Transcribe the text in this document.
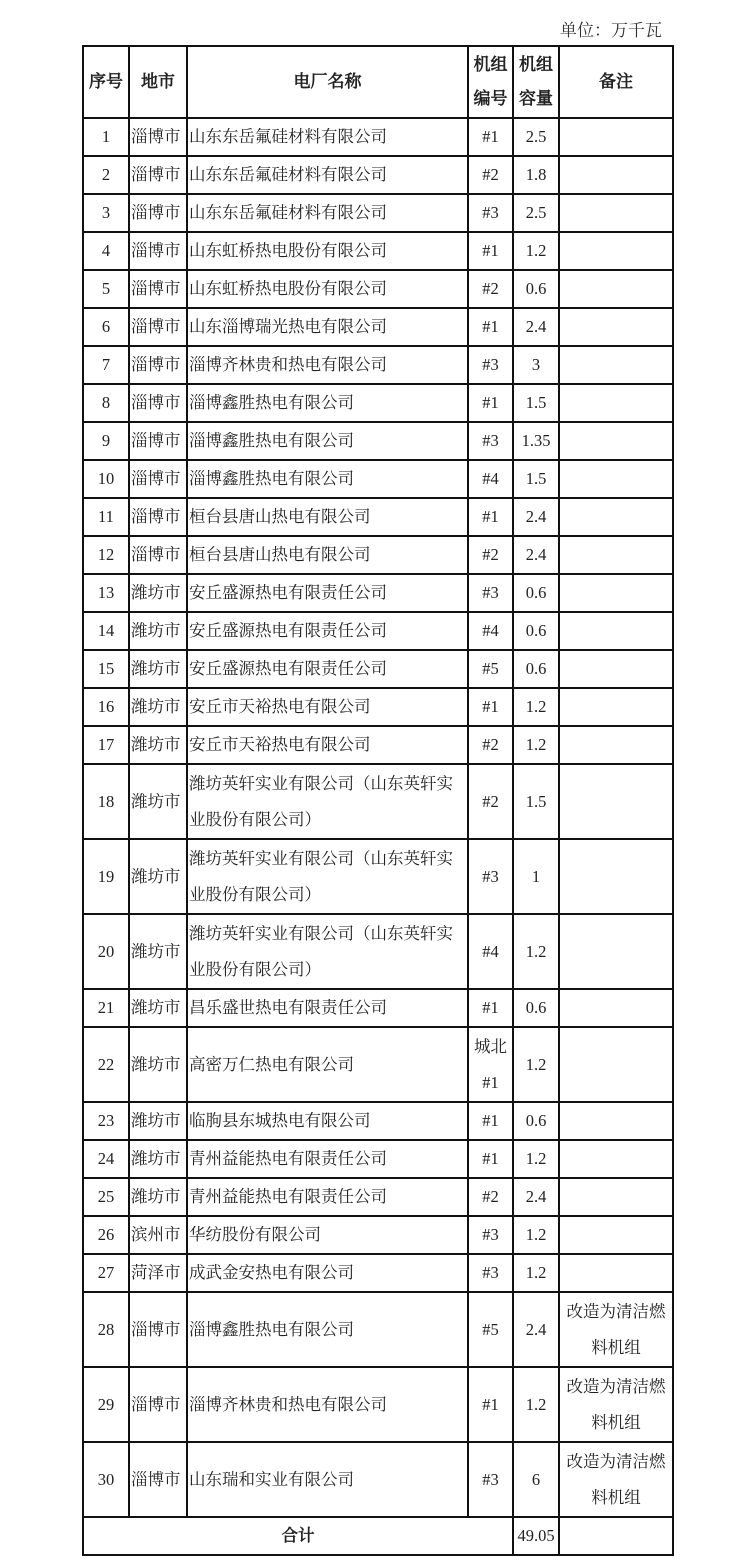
单位：万千瓦
序号	地市	电厂名称	机组编号	机组容量	备注
1	淄博市	山东东岳氟硅材料有限公司	#1	2.5	
2	淄博市	山东东岳氟硅材料有限公司	#2	1.8	
3	淄博市	山东东岳氟硅材料有限公司	#3	2.5	
4	淄博市	山东虹桥热电股份有限公司	#1	1.2	
5	淄博市	山东虹桥热电股份有限公司	#2	0.6	
6	淄博市	山东淄博瑞光热电有限公司	#1	2.4	
7	淄博市	淄博齐林贵和热电有限公司	#3	3	
8	淄博市	淄博鑫胜热电有限公司	#1	1.5	
9	淄博市	淄博鑫胜热电有限公司	#3	1.35	
10	淄博市	淄博鑫胜热电有限公司	#4	1.5	
11	淄博市	桓台县唐山热电有限公司	#1	2.4	
12	淄博市	桓台县唐山热电有限公司	#2	2.4	
13	潍坊市	安丘盛源热电有限责任公司	#3	0.6	
14	潍坊市	安丘盛源热电有限责任公司	#4	0.6	
15	潍坊市	安丘盛源热电有限责任公司	#5	0.6	
16	潍坊市	安丘市天裕热电有限公司	#1	1.2	
17	潍坊市	安丘市天裕热电有限公司	#2	1.2	
18	潍坊市	潍坊英轩实业有限公司（山东英轩实业股份有限公司）	#2	1.5	
19	潍坊市	潍坊英轩实业有限公司（山东英轩实业股份有限公司）	#3	1	
20	潍坊市	潍坊英轩实业有限公司（山东英轩实业股份有限公司）	#4	1.2	
21	潍坊市	昌乐盛世热电有限责任公司	#1	0.6	
22	潍坊市	高密万仁热电有限公司	城北#1	1.2	
23	潍坊市	临朐县东城热电有限公司	#1	0.6	
24	潍坊市	青州益能热电有限责任公司	#1	1.2	
25	潍坊市	青州益能热电有限责任公司	#2	2.4	
26	滨州市	华纺股份有限公司	#3	1.2	
27	菏泽市	成武金安热电有限公司	#3	1.2	
28	淄博市	淄博鑫胜热电有限公司	#5	2.4	改造为清洁燃料机组
29	淄博市	淄博齐林贵和热电有限公司	#1	1.2	改造为清洁燃料机组
30	淄博市	山东瑞和实业有限公司	#3	6	改造为清洁燃料机组
合计	49.05	
